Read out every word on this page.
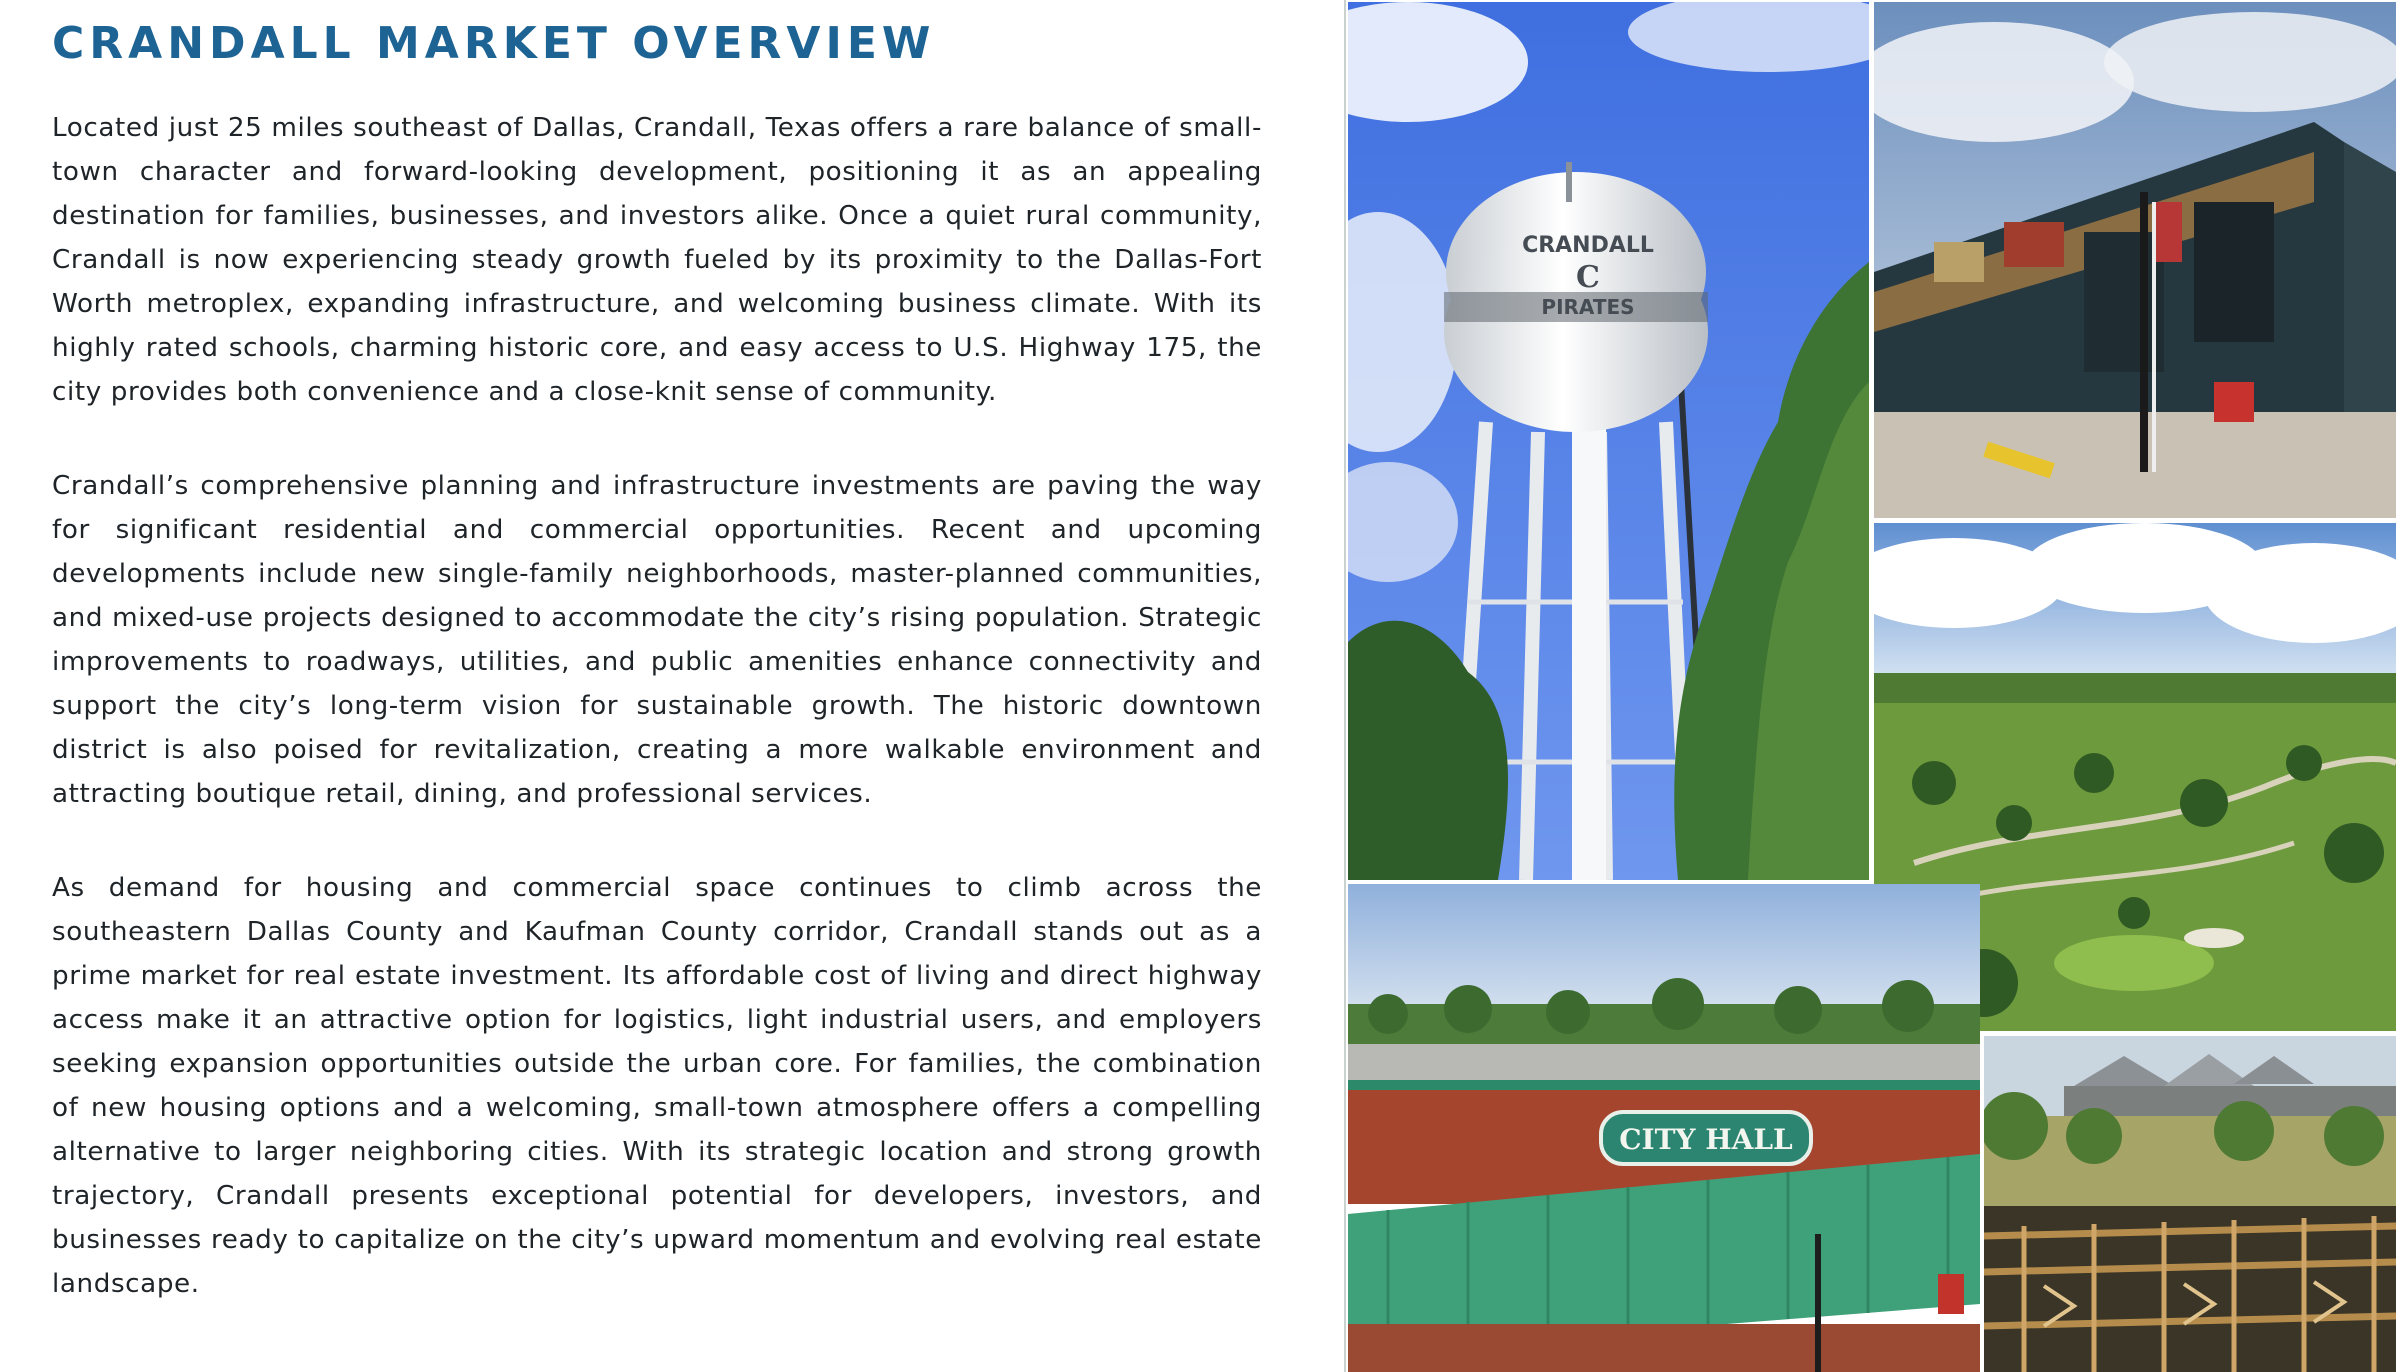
CRANDALL MARKET OVERVIEW

Located just 25 miles southeast of Dallas, Crandall, Texas offers a rare balance of small-town character and forward-looking development, positioning it as an appealing destination for families, businesses, and investors alike. Once a quiet rural community, Crandall is now experiencing steady growth fueled by its proximity to the Dallas-Fort Worth metroplex, expanding infrastructure, and welcoming business climate. With its highly rated schools, charming historic core, and easy access to U.S. Highway 175, the city provides both convenience and a close-knit sense of community.

Crandall’s comprehensive planning and infrastructure investments are paving the way for significant residential and commercial opportunities. Recent and upcoming developments include new single-family neighborhoods, master-planned communities, and mixed-use projects designed to accommodate the city’s rising population. Strategic improvements to roadways, utilities, and public amenities enhance connectivity and support the city’s long-term vision for sustainable growth. The historic downtown district is also poised for revitalization, creating a more walkable environment and attracting boutique retail, dining, and professional services.

As demand for housing and commercial space continues to climb across the southeastern Dallas County and Kaufman County corridor, Crandall stands out as a prime market for real estate investment. Its affordable cost of living and direct highway access make it an attractive option for logistics, light industrial users, and employers seeking expansion opportunities outside the urban core. For families, the combination of new housing options and a welcoming, small-town atmosphere offers a compelling alternative to larger neighboring cities. With its strategic location and strong growth trajectory, Crandall presents exceptional potential for developers, investors, and businesses ready to capitalize on the city’s upward momentum and evolving real estate landscape.

CRANDALL
C
PIRATES
CITY HALL
